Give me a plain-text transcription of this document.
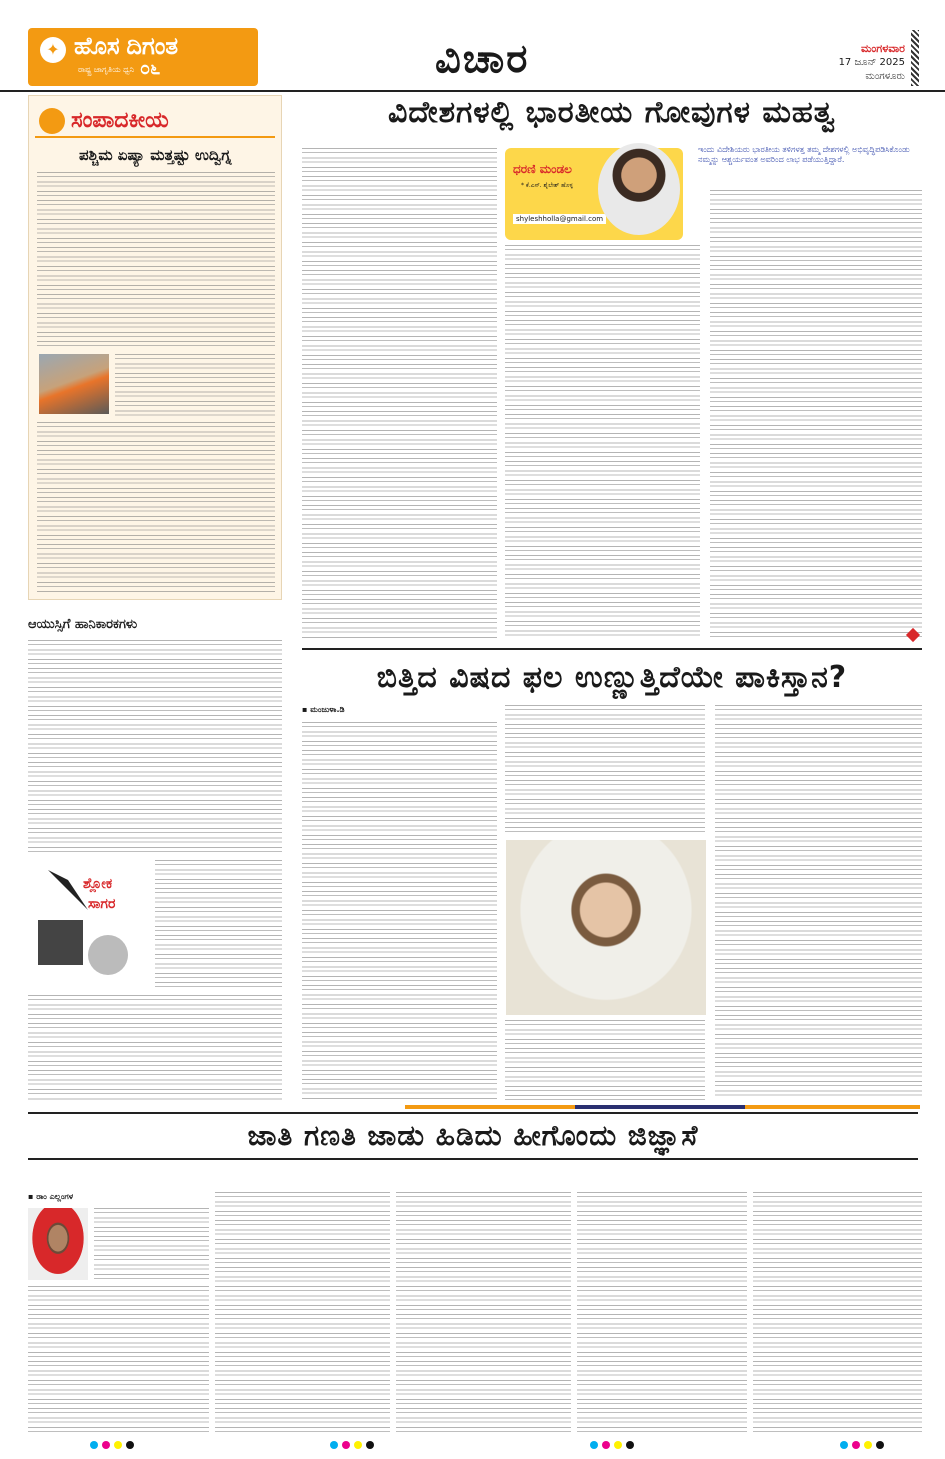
✦ ಹೊಸ ದಿಗಂತ
ರಾಷ್ಟ್ರ ಜಾಗೃತಿಯ ಧ್ವನಿ	ವಿಚಾರ	ಮಂಗಳವಾರ
17 ಜೂನ್ 2025
ಮಂಗಳೂರು
೦೬
ಸಂಪಾದಕೀಯ
ಪಶ್ಚಿಮ ಏಷ್ಯಾ ಮತ್ತಷ್ಟು ಉದ್ವಿಗ್ನ
ಆಯುಸ್ಸಿಗೆ ಹಾನಿಕಾರಕಗಳು
ಶ್ಲೋಕ
ಸಾಗರ
ವಿದೇಶಗಳಲ್ಲಿ ಭಾರತೀಯ ಗೋವುಗಳ ಮಹತ್ವ
ಧರಣಿ ಮಂಡಲ
* ಕೆ.ಎಸ್. ಶೈಲೇಶ್ ಹೊಳ್ಳ
shyleshholla@gmail.com
ಇಂದು ವಿದೇಶಿಯರು ಭಾರತೀಯ ತಳಿಗಳತ್ತ ತಮ್ಮ ದೇಶಗಳಲ್ಲಿ ಅಭಿವೃದ್ಧಿಪಡಿಸಿಕೊಂಡು ನಮ್ಮನ್ನು ಆಶ್ಚರ್ಯವಂತ ಅವರಿಂದ ಲಾಭ ಪಡೆಯುತ್ತಿದ್ದಾರೆ.
ಬಿತ್ತಿದ ವಿಷದ ಫಲ ಉಣ್ಣುತ್ತಿದೆಯೇ ಪಾಕಿಸ್ತಾನ?
▪ ಮಂಜುಳಾ.ಡಿ
ಜಾತಿ ಗಣತಿ ಜಾಡು ಹಿಡಿದು ಹೀಗೊಂದು ಜಿಜ್ಞಾಸೆ
▪ ರಾಂ ಎಲ್ಲಂಗಳ
